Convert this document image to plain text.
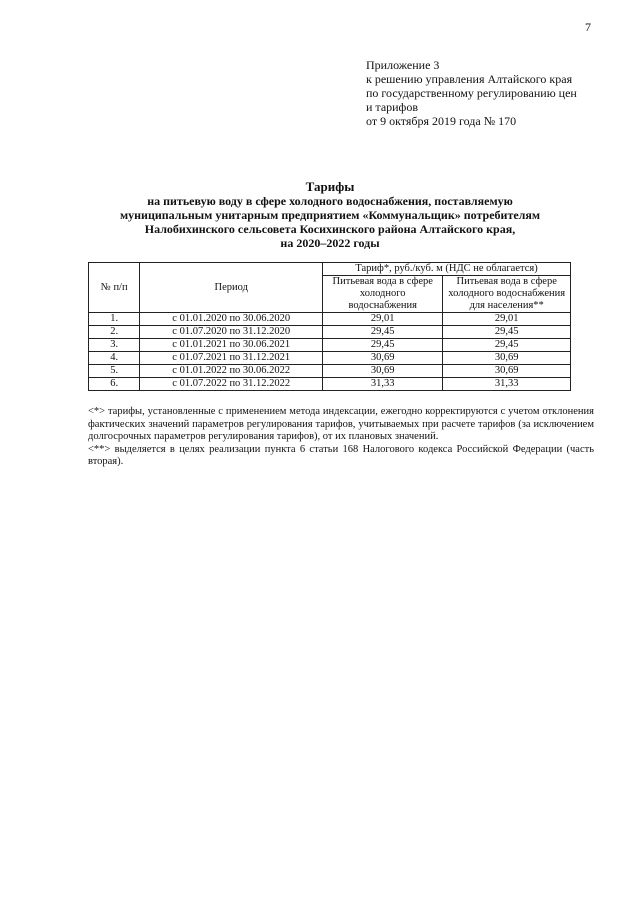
7
Приложение 3
к решению управления Алтайского края
по государственному регулированию цен
и тарифов
от 9 октября 2019 года № 170
Тарифы
на питьевую воду в сфере холодного водоснабжения, поставляемую
муниципальным унитарным предприятием «Коммунальщик» потребителям
Налобихинского сельсовета Косихинского района Алтайского края,
на 2020–2022 годы
№ п/п	Период	Тариф*, руб./куб. м (НДС не облагается)	
		Питьевая вода в сфере холодного водоснабжения	Питьевая вода в сфере холодного водоснабжения для населения**
1.	с 01.01.2020 по 30.06.2020	29,01	29,01
2.	с 01.07.2020 по 31.12.2020	29,45	29,45
3.	с 01.01.2021 по 30.06.2021	29,45	29,45
4.	с 01.07.2021 по 31.12.2021	30,69	30,69
5.	с 01.01.2022 по 30.06.2022	30,69	30,69
6.	с 01.07.2022 по 31.12.2022	31,33	31,33

<*> тарифы, установленные с применением метода индексации, ежегодно корректируются с учетом отклонения фактических значений параметров регулирования тарифов, учитываемых при расчете тарифов (за исключением долгосрочных параметров регулирования тарифов), от их плановых значений.

<**> выделяется в целях реализации пункта 6 статьи 168 Налогового кодекса Российской Федерации (часть вторая).
